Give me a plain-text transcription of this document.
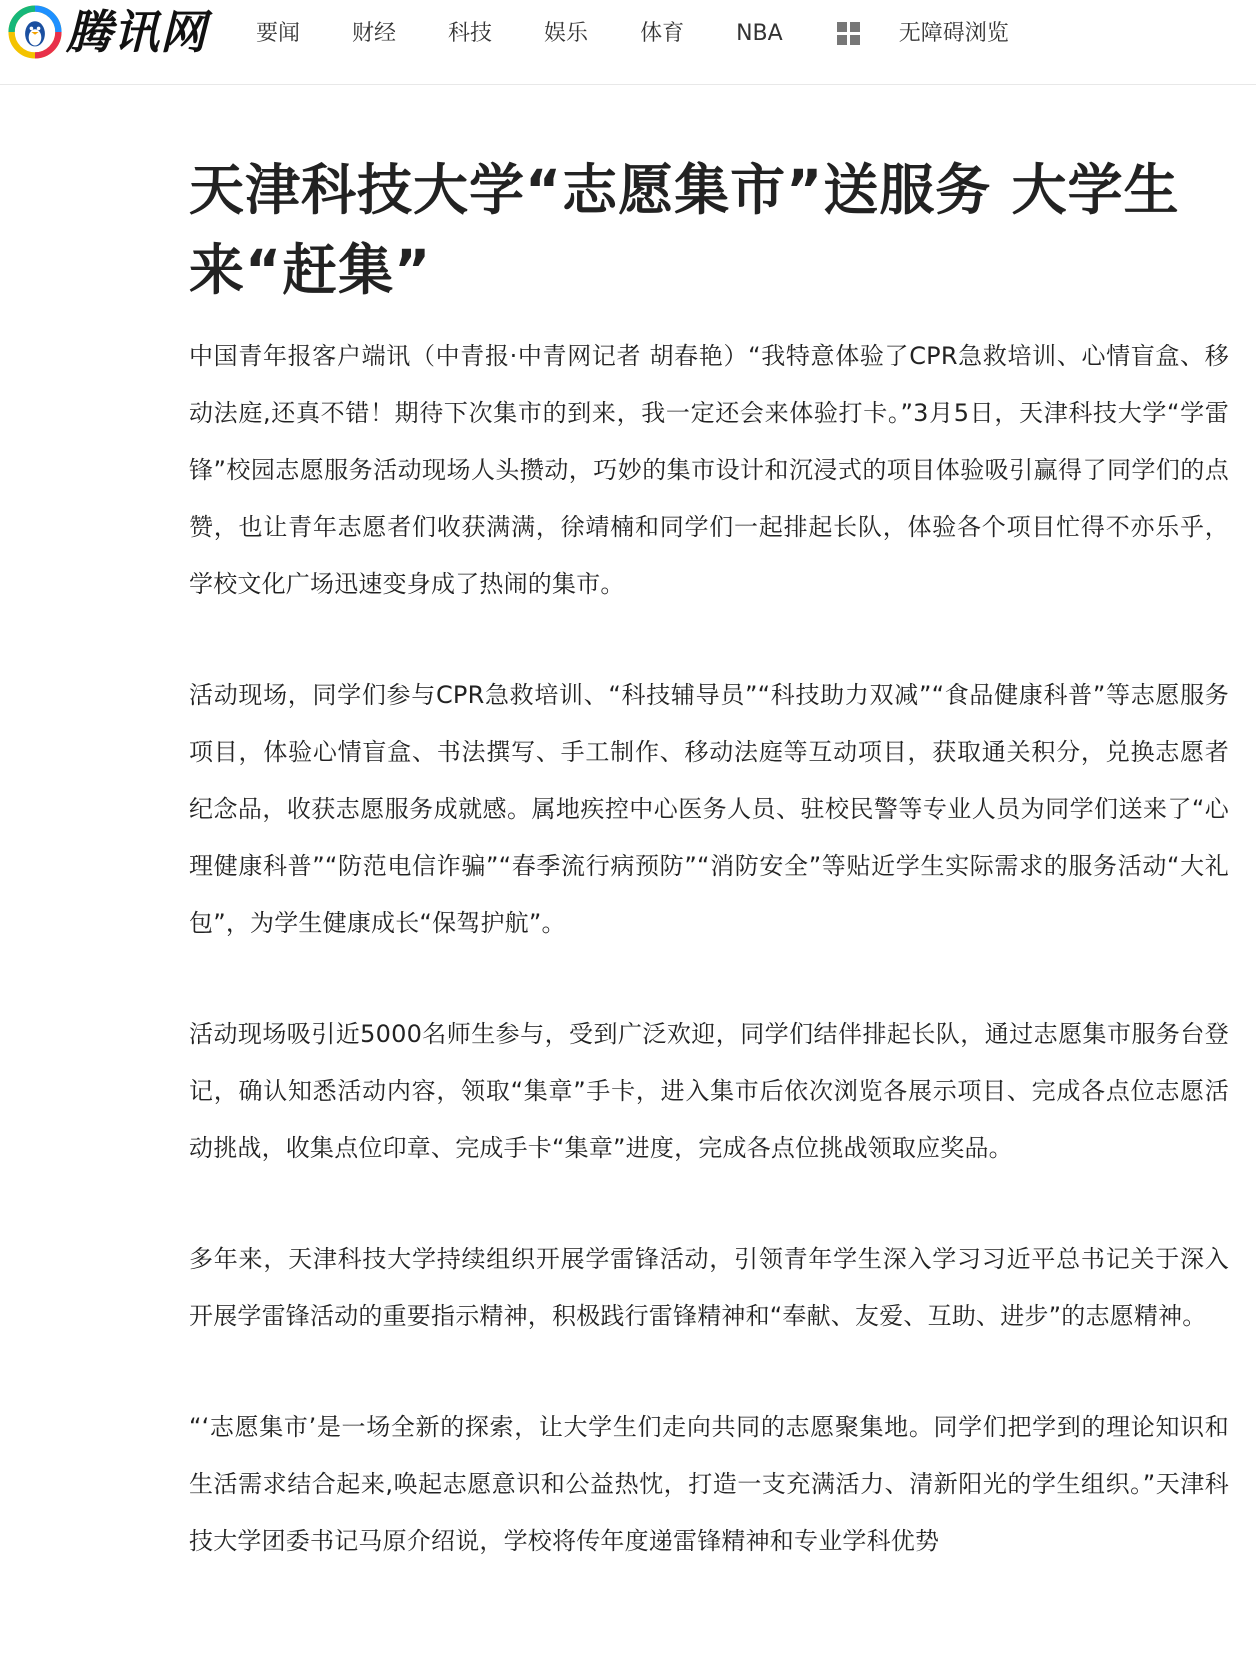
腾讯网 要闻 财经 科技 娱乐 体育 NBA	无障碍浏览
天津科技大学“志愿集市”送服务 大学生来“赶集”

中国青年报客户端讯（中青报·中青网记者 胡春艳）“我特意体验了CPR急救培训、心情盲盒、移动法庭,还真不错！期待下次集市的到来，我一定还会来体验打卡。”3月5日，天津科技大学“学雷锋”校园志愿服务活动现场人头攒动，巧妙的集市设计和沉浸式的项目体验吸引赢得了同学们的点赞，也让青年志愿者们收获满满，徐靖楠和同学们一起排起长队，体验各个项目忙得不亦乐乎，学校文化广场迅速变身成了热闹的集市。

活动现场，同学们参与CPR急救培训、“科技辅导员”“科技助力双减”“食品健康科普”等志愿服务项目，体验心情盲盒、书法撰写、手工制作、移动法庭等互动项目，获取通关积分，兑换志愿者纪念品，收获志愿服务成就感。属地疾控中心医务人员、驻校民警等专业人员为同学们送来了“心理健康科普”“防范电信诈骗”“春季流行病预防”“消防安全”等贴近学生实际需求的服务活动“大礼包”，为学生健康成长“保驾护航”。

活动现场吸引近5000名师生参与，受到广泛欢迎，同学们结伴排起长队，通过志愿集市服务台登记，确认知悉活动内容，领取“集章”手卡，进入集市后依次浏览各展示项目、完成各点位志愿活动挑战，收集点位印章、完成手卡“集章”进度，完成各点位挑战领取应奖品。

多年来，天津科技大学持续组织开展学雷锋活动，引领青年学生深入学习习近平总书记关于深入开展学雷锋活动的重要指示精神，积极践行雷锋精神和“奉献、友爱、互助、进步”的志愿精神。

“‘志愿集市’是一场全新的探索，让大学生们走向共同的志愿聚集地。同学们把学到的理论知识和生活需求结合起来,唤起志愿意识和公益热忱，打造一支充满活力、清新阳光的学生组织。”天津科技大学团委书记马原介绍说，学校将传年度递雷锋精神和专业学科优势
